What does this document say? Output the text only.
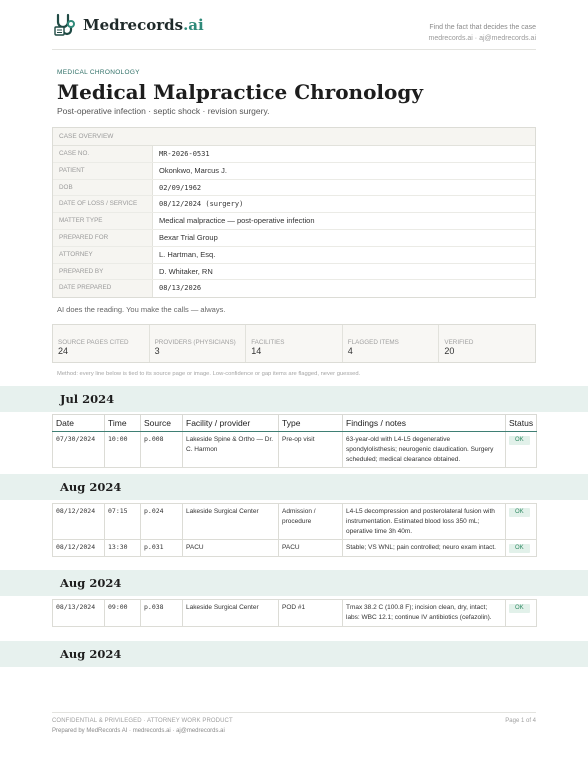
Medrecords.ai	Find the fact that decides the case
medrecords.ai · aj@medrecords.ai
MEDICAL CHRONOLOGY
Medical Malpractice Chronology
Post-operative infection · septic shock · revision surgery.
CASE OVERVIEW
CASE NO.	MR-2026-0531
PATIENT	Okonkwo, Marcus J.
DOB	02/09/1962
DATE OF LOSS / SERVICE	08/12/2024 (surgery)
MATTER TYPE	Medical malpractice — post-operative infection
PREPARED FOR	Bexar Trial Group
ATTORNEY	L. Hartman, Esq.
PREPARED BY	D. Whitaker, RN
DATE PREPARED	08/13/2026
AI does the reading. You make the calls — always.
SOURCE PAGES CITED
24
PROVIDERS (PHYSICIANS)
3
FACILITIES
14
FLAGGED ITEMS
4
VERIFIED
20
Method: every line below is tied to its source page or image. Low-confidence or gap items are flagged, never guessed.
Jul 2024
Date	Time	Source	Facility / provider	Type	Findings / notes	Status
07/30/2024	10:00	p.008	Lakeside Spine & Ortho — Dr. C. Harmon	Pre-op visit	63-year-old with L4-L5 degenerative spondylolisthesis; neurogenic claudication. Surgery scheduled; medical clearance obtained.	OK
Aug 2024
08/12/2024	07:15	p.024	Lakeside Surgical Center	Admission / procedure	L4-L5 decompression and posterolateral fusion with instrumentation. Estimated blood loss 350 mL; operative time 3h 40m.	OK
08/12/2024	13:30	p.031	PACU	PACU	Stable; VS WNL; pain controlled; neuro exam intact.	OK
Aug 2024
08/13/2024	09:00	p.038	Lakeside Surgical Center	POD #1	Tmax 38.2 C (100.8 F); incision clean, dry, intact; labs: WBC 12.1; continue IV antibiotics (cefazolin).	OK
Aug 2024
CONFIDENTIAL & PRIVILEGED · ATTORNEY WORK PRODUCT
Prepared by MedRecords AI · medrecords.ai · aj@medrecords.ai
Page 1 of 4
